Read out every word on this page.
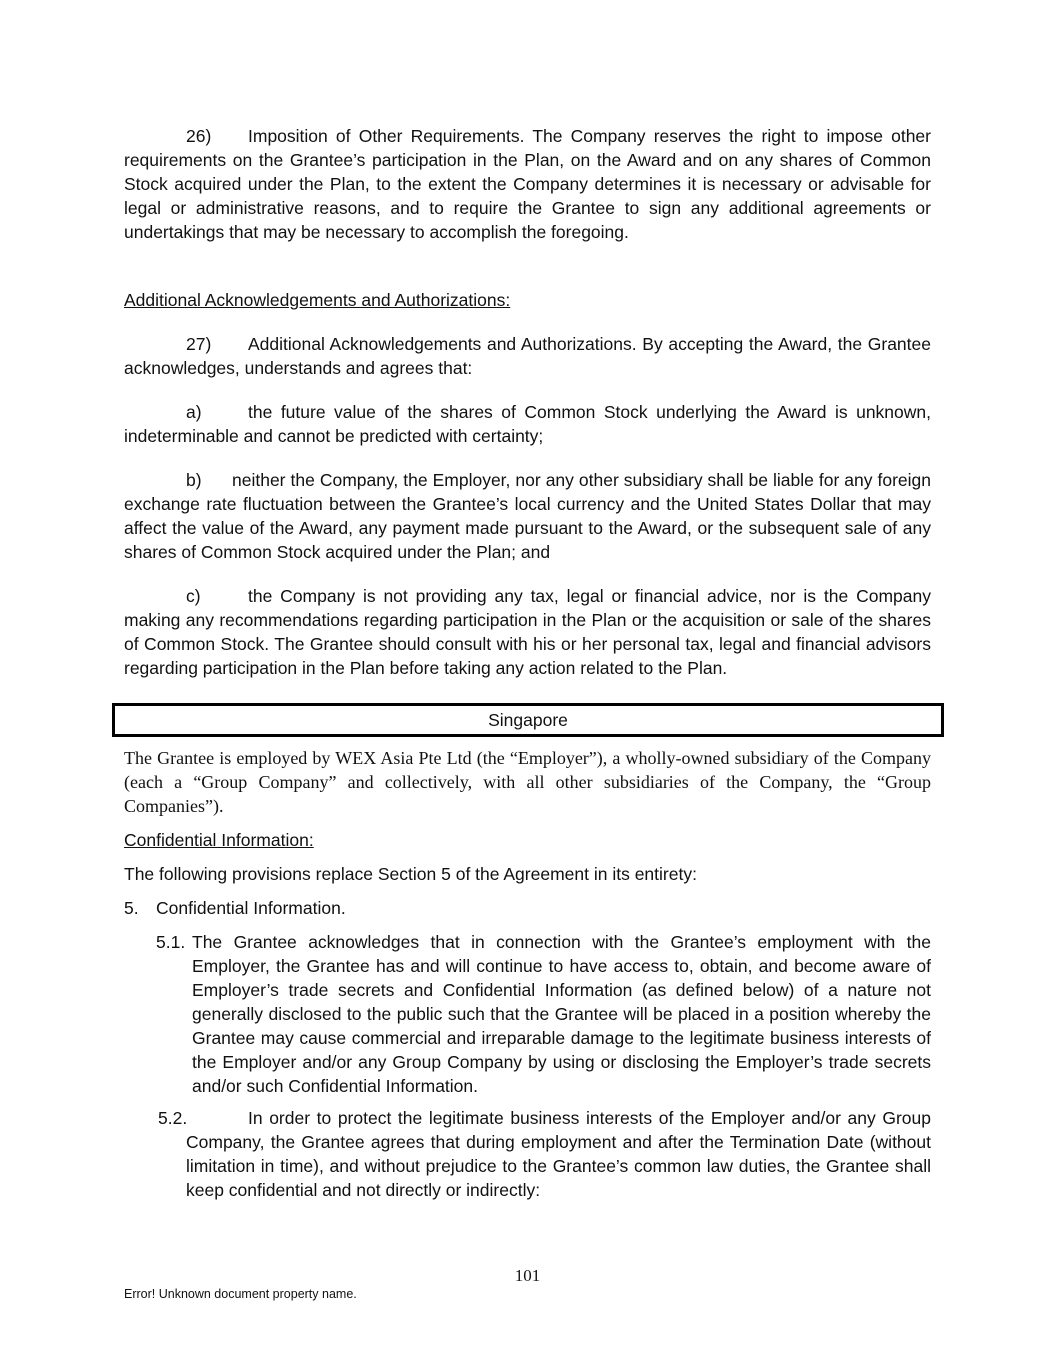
26) Imposition of Other Requirements. The Company reserves the right to impose other requirements on the Grantee’s participation in the Plan, on the Award and on any shares of Common Stock acquired under the Plan, to the extent the Company determines it is necessary or advisable for legal or administrative reasons, and to require the Grantee to sign any additional agreements or undertakings that may be necessary to accomplish the foregoing.

Additional Acknowledgements and Authorizations:

27) Additional Acknowledgements and Authorizations. By accepting the Award, the Grantee acknowledges, understands and agrees that:

a)	the future value of the shares of Common Stock underlying the Award is unknown, indeterminable and cannot be predicted with certainty;

b) neither the Company, the Employer, nor any other subsidiary shall be liable for any foreign exchange rate fluctuation between the Grantee’s local currency and the United States Dollar that may affect the value of the Award, any payment made pursuant to the Award, or the subsequent sale of any shares of Common Stock acquired under the Plan; and

c)	the Company is not providing any tax, legal or financial advice, nor is the Company making any recommendations regarding participation in the Plan or the acquisition or sale of the shares of Common Stock. The Grantee should consult with his or her personal tax, legal and financial advisors regarding participation in the Plan before taking any action related to the Plan.

Singapore

The Grantee is employed by WEX Asia Pte Ltd (the “Employer”), a wholly-owned subsidiary of the Company (each a “Group Company” and collectively, with all other subsidiaries of the Company, the “Group Companies”).

Confidential Information:

The following provisions replace Section 5 of the Agreement in its entirety:

5. Confidential Information.

5.1. The Grantee acknowledges that in connection with the Grantee’s employment with the Employer, the Grantee has and will continue to have access to, obtain, and become aware of Employer’s trade secrets and Confidential Information (as defined below) of a nature not generally disclosed to the public such that the Grantee will be placed in a position whereby the Grantee may cause commercial and irreparable damage to the legitimate business interests of the Employer and/or any Group Company by using or disclosing the Employer’s trade secrets and/or such Confidential Information.

5.2.	In order to protect the legitimate business interests of the Employer and/or any Group Company, the Grantee agrees that during employment and after the Termination Date (without limitation in time), and without prejudice to the Grantee’s common law duties, the Grantee shall keep confidential and not directly or indirectly:

101
Error! Unknown document property name.
